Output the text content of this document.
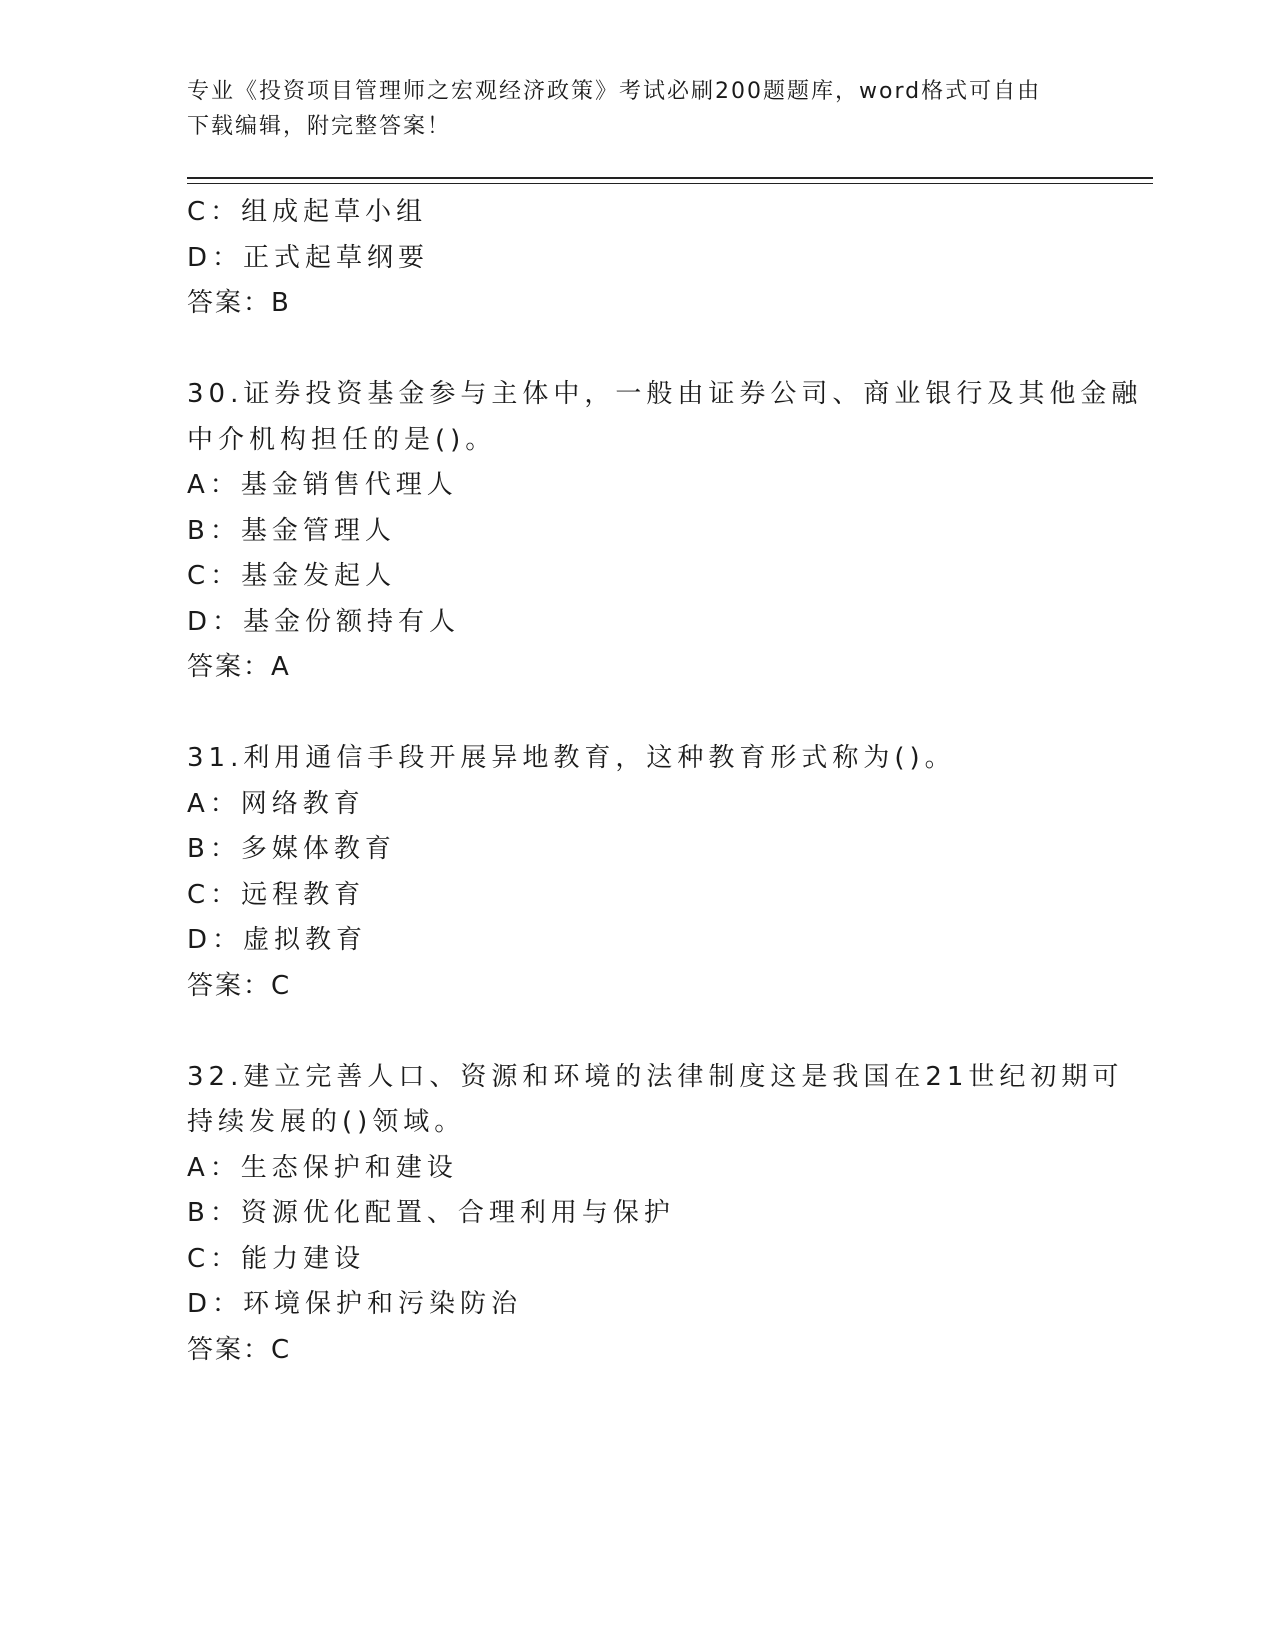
专业《投资项目管理师之宏观经济政策》考试必刷200题题库，word格式可自由
下载编辑，附完整答案！
C：组成起草小组
D：正式起草纲要
答案：B
30.证券投资基金参与主体中，一般由证券公司、商业银行及其他金融
中介机构担任的是()。
A：基金销售代理人
B：基金管理人
C：基金发起人
D：基金份额持有人
答案：A
31.利用通信手段开展异地教育，这种教育形式称为()。
A：网络教育
B：多媒体教育
C：远程教育
D：虚拟教育
答案：C
32.建立完善人口、资源和环境的法律制度这是我国在21世纪初期可
持续发展的()领域。
A：生态保护和建设
B：资源优化配置、合理利用与保护
C：能力建设
D：环境保护和污染防治
答案：C
